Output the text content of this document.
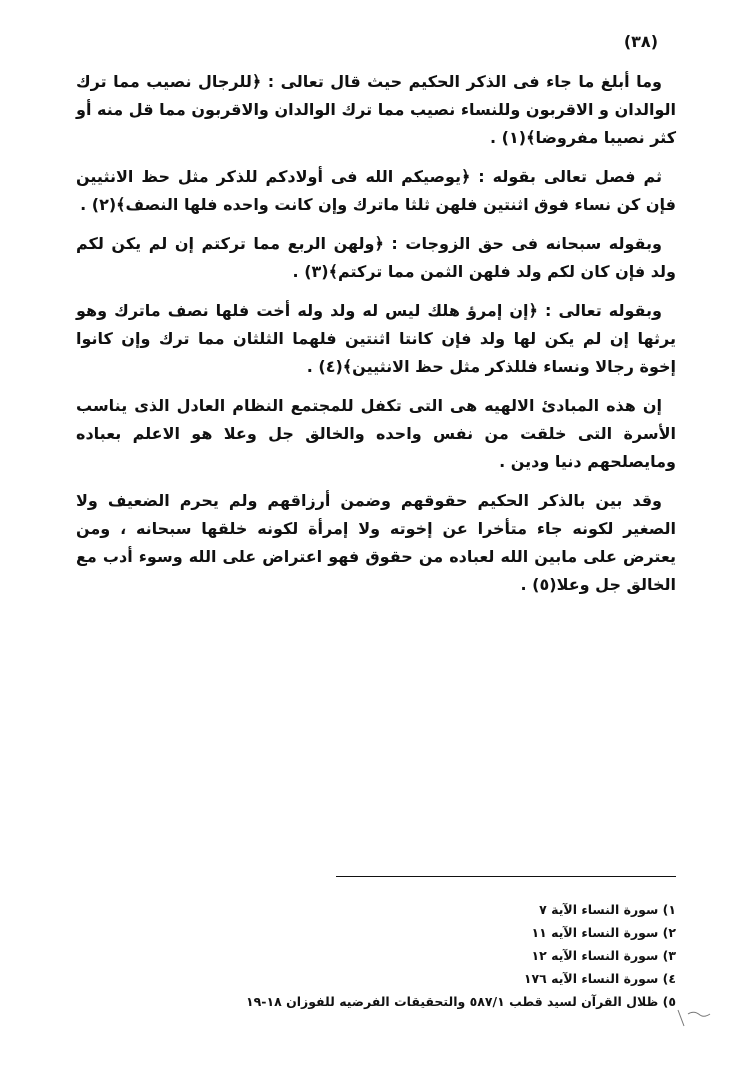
(٣٨)

وما أبلغ ما جاء فى الذكر الحكيم حيث قال تعالى : ﴿للرجال نصيب مما ترك الوالدان و الاقربون وللنساء نصيب مما ترك الوالدان والاقربون مما قل منه أو كثر نصيبا مفروضا﴾(١) .

ثم فصل تعالى بقوله : ﴿يوصيكم الله فى أولادكم للذكر مثل حظ الانثيين فإن كن نساء فوق اثنتين فلهن ثلثا ماترك وإن كانت واحده فلها النصف﴾(٢) .

وبقوله سبحانه فى حق الزوجات : ﴿ولهن الربع مما تركتم إن لم يكن لكم ولد فإن كان لكم ولد فلهن الثمن مما تركتم﴾(٣) .

وبقوله تعالى : ﴿إن إمرؤ هلك ليس له ولد وله أخت فلها نصف ماترك وهو يرثها إن لم يكن لها ولد فإن كانتا اثنتين فلهما الثلثان مما ترك وإن كانوا إخوة رجالا ونساء فللذكر مثل حظ الانثيين﴾(٤) .

إن هذه المبادئ الالهيه هى التى تكفل للمجتمع النظام العادل الذى يناسب الأسرة التى خلقت من نفس واحده والخالق جل وعلا هو الاعلم بعباده ومايصلحهم دنيا ودين .

وقد بين بالذكر الحكيم حقوقهم وضمن أرزاقهم ولم يحرم الضعيف ولا الصغير لكونه جاء متأخرا عن إخوته ولا إمرأة لكونه خلقها سبحانه ، ومن يعترض على مابين الله لعباده من حقوق فهو اعتراض على الله وسوء أدب مع الخالق جل وعلا(٥) .

١) سورة النساء الآية ٧

٢) سورة النساء الآيه ١١

٣) سورة النساء الآيه ١٢

٤) سورة النساء الآيه ١٧٦

٥) ظلال القرآن لسيد قطب ٥٨٧/١ والتحقيقات الفرضيه للفوزان ١٨-١٩
